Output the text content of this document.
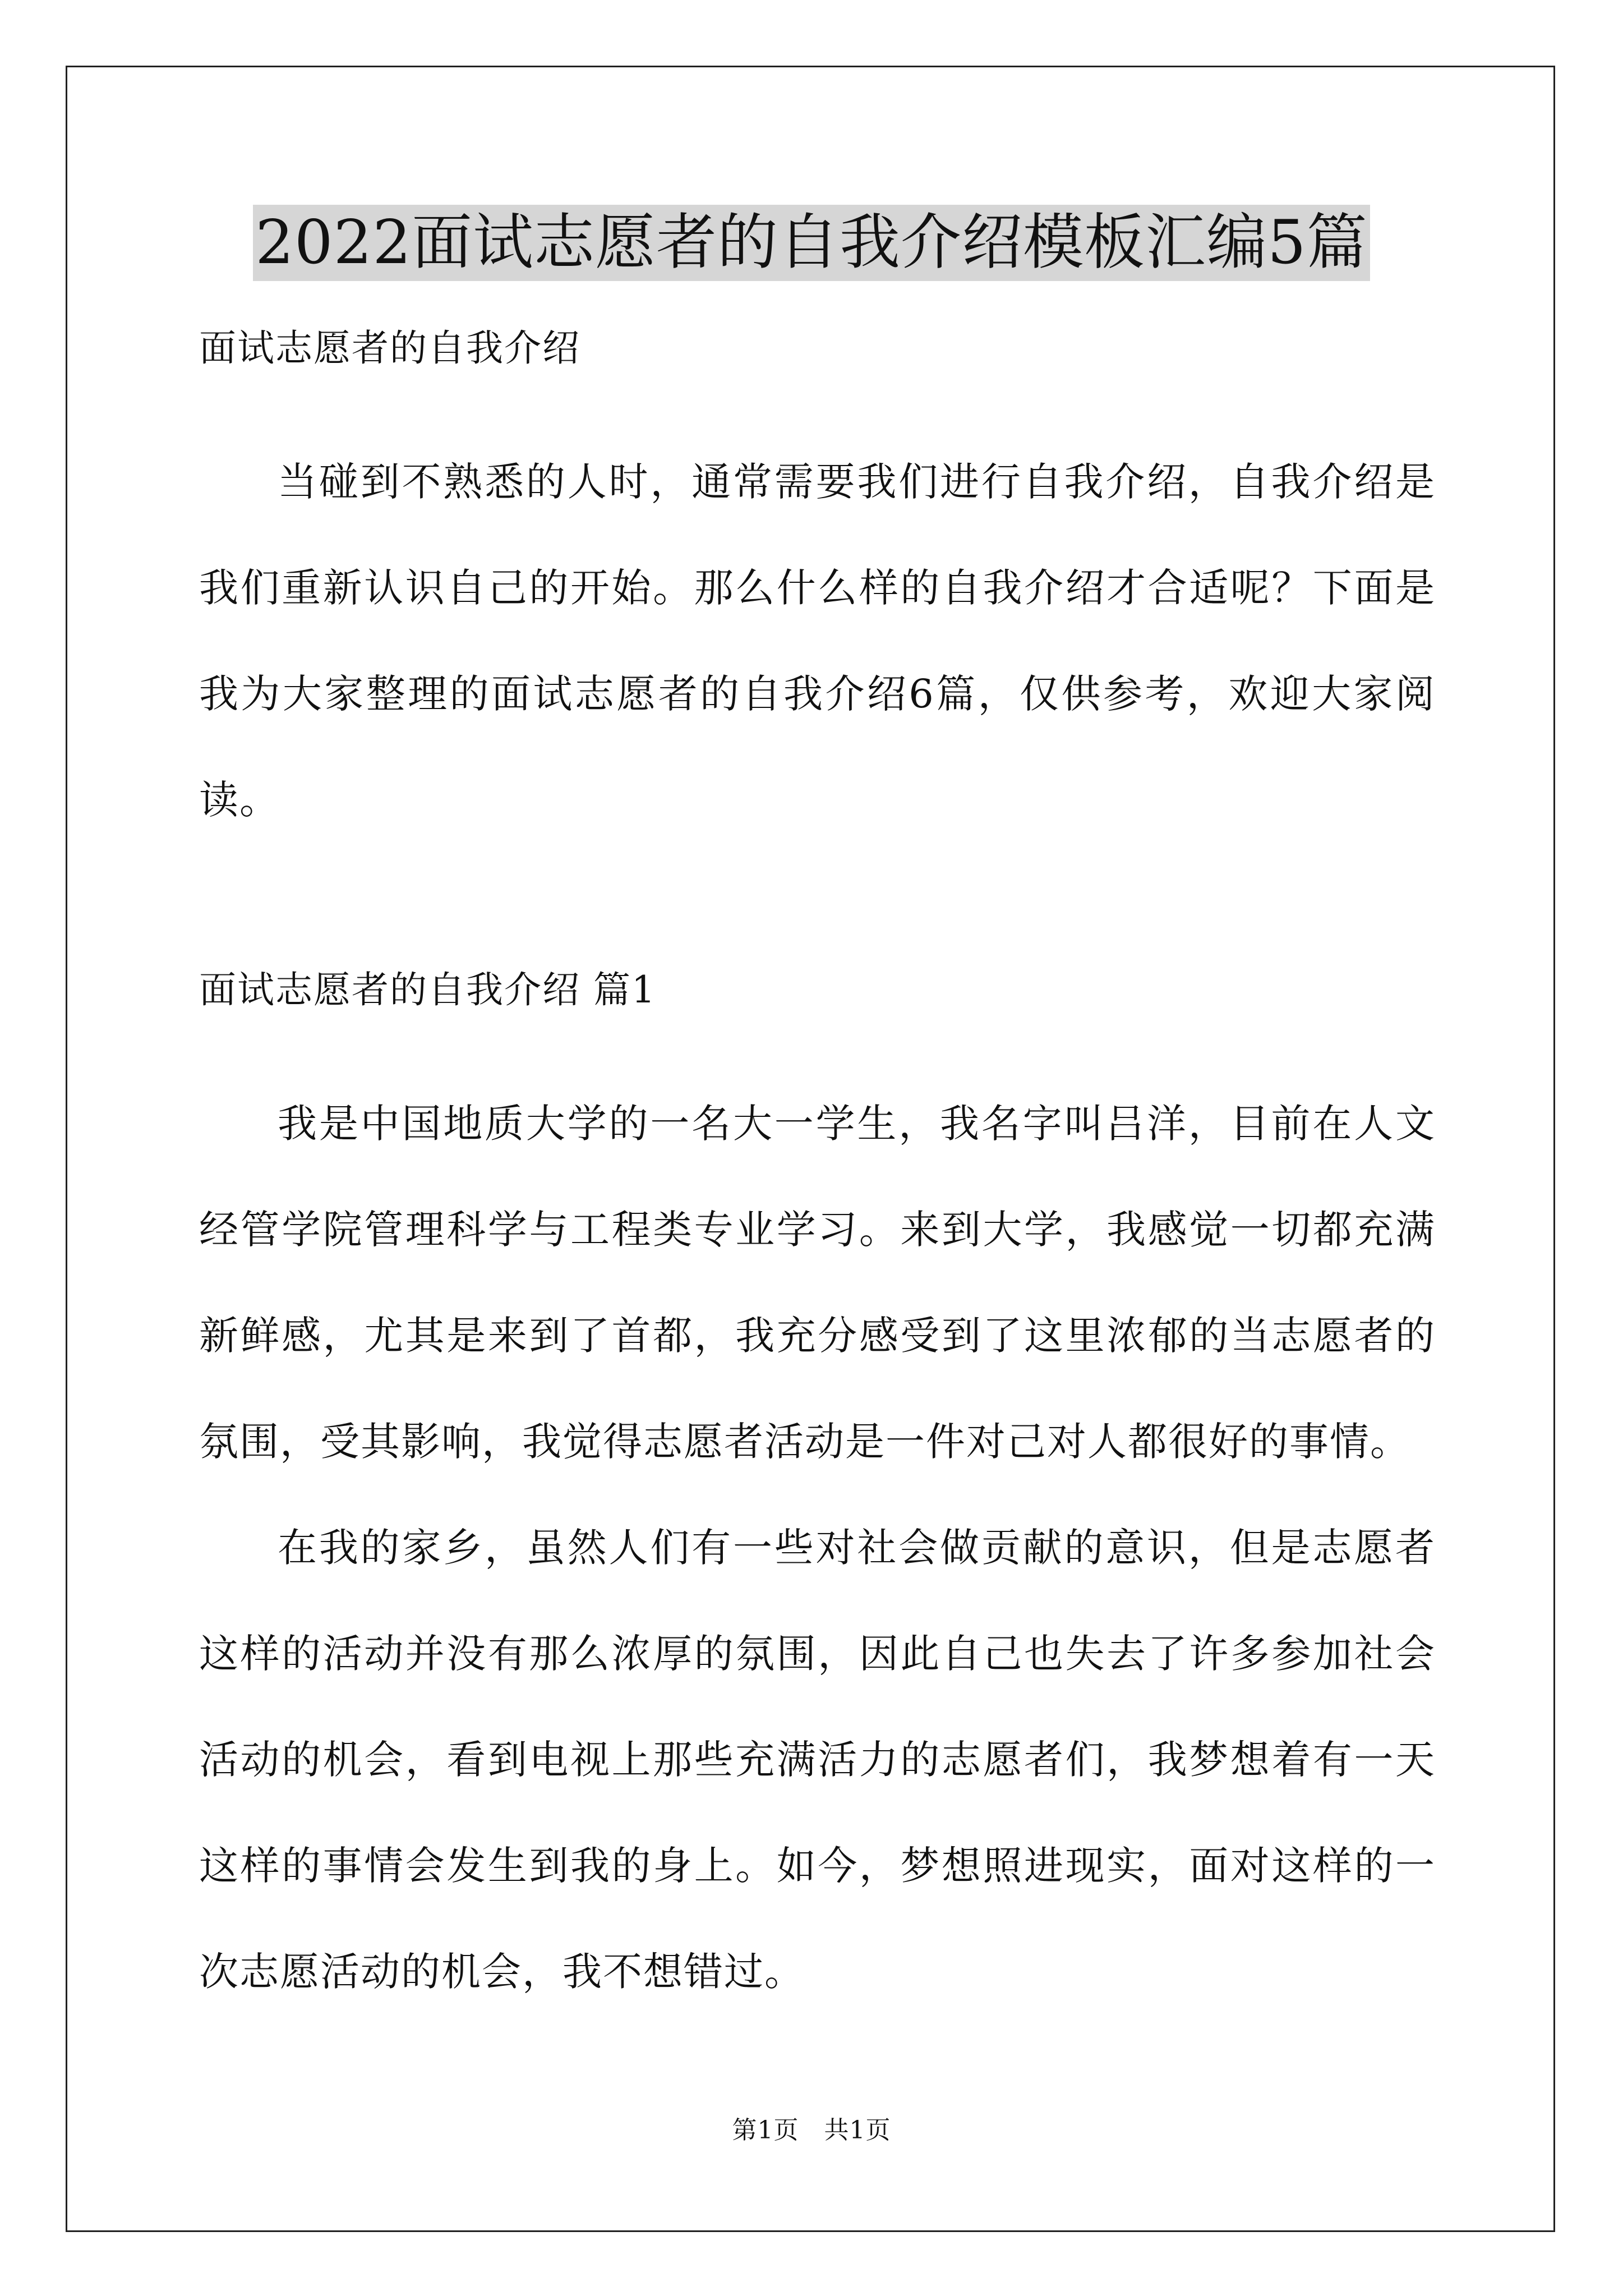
2022面试志愿者的自我介绍模板汇编5篇

面试志愿者的自我介绍

当碰到不熟悉的人时，通常需要我们进行自我介绍，自我介绍是我们重新认识自己的开始。那么什么样的自我介绍才合适呢？下面是我为大家整理的面试志愿者的自我介绍6篇，仅供参考，欢迎大家阅读。

面试志愿者的自我介绍 篇1

我是中国地质大学的一名大一学生，我名字叫吕洋，目前在人文经管学院管理科学与工程类专业学习。来到大学，我感觉一切都充满新鲜感，尤其是来到了首都，我充分感受到了这里浓郁的当志愿者的氛围，受其影响，我觉得志愿者活动是一件对己对人都很好的事情。

在我的家乡，虽然人们有一些对社会做贡献的意识，但是志愿者这样的活动并没有那么浓厚的氛围，因此自己也失去了许多参加社会活动的机会，看到电视上那些充满活力的志愿者们，我梦想着有一天这样的事情会发生到我的身上。如今，梦想照进现实，面对这样的一次志愿活动的机会，我不想错过。

第1页　共1页
